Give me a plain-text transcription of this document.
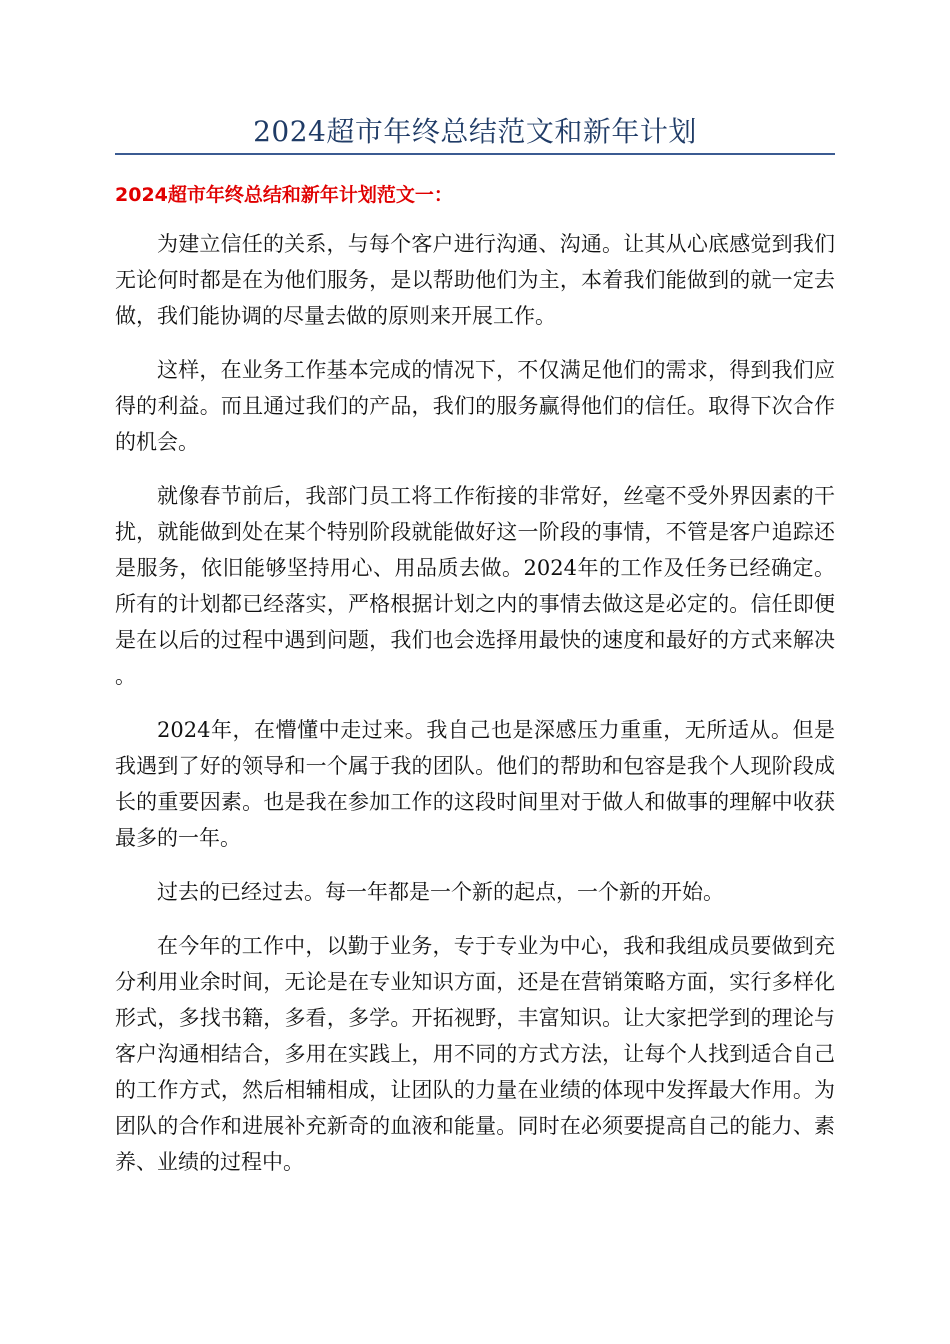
2024超市年终总结范文和新年计划
2024超市年终总结和新年计划范文一：

为建立信任的关系，与每个客户进行沟通、沟通。让其从心底感觉到我们无论何时都是在为他们服务，是以帮助他们为主，本着我们能做到的就一定去做，我们能协调的尽量去做的原则来开展工作。

这样，在业务工作基本完成的情况下，不仅满足他们的需求，得到我们应得的利益。而且通过我们的产品，我们的服务赢得他们的信任。取得下次合作的机会。

就像春节前后，我部门员工将工作衔接的非常好，丝毫不受外界因素的干扰，就能做到处在某个特别阶段就能做好这一阶段的事情，不管是客户追踪还是服务，依旧能够坚持用心、用品质去做。2024年的工作及任务已经确定。所有的计划都已经落实，严格根据计划之内的事情去做这是必定的。信任即便是在以后的过程中遇到问题，我们也会选择用最快的速度和最好的方式来解决。

2024年，在懵懂中走过来。我自己也是深感压力重重，无所适从。但是我遇到了好的领导和一个属于我的团队。他们的帮助和包容是我个人现阶段成长的重要因素。也是我在参加工作的这段时间里对于做人和做事的理解中收获最多的一年。

过去的已经过去。每一年都是一个新的起点，一个新的开始。

在今年的工作中，以勤于业务，专于专业为中心，我和我组成员要做到充分利用业余时间，无论是在专业知识方面，还是在营销策略方面，实行多样化形式，多找书籍，多看，多学。开拓视野，丰富知识。让大家把学到的理论与客户沟通相结合，多用在实践上，用不同的方式方法，让每个人找到适合自己的工作方式，然后相辅相成，让团队的力量在业绩的体现中发挥最大作用。为团队的合作和进展补充新奇的血液和能量。同时在必须要提高自己的能力、素养、业绩的过程中。
